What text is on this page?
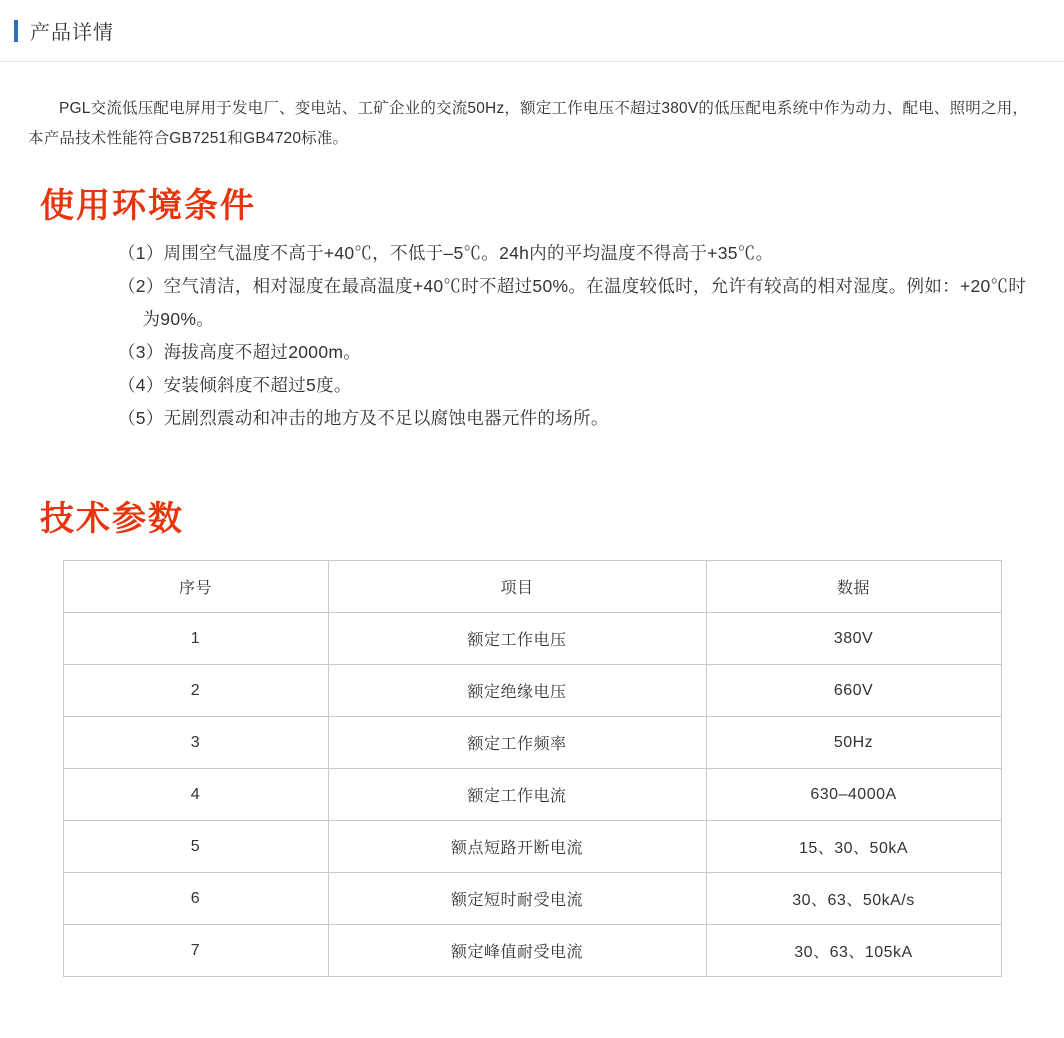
产品详情

PGL交流低压配电屏用于发电厂、变电站、工矿企业的交流50Hz，额定工作电压不超过380V的低压配电系统中作为动力、配电、照明之用，本产品技术性能符合GB7251和GB4720标准。

使用环境条件
（1）周围空气温度不高于+40℃，不低于–5℃。24h内的平均温度不得高于+35℃。
（2）空气清洁，相对湿度在最高温度+40℃时不超过50%。在温度较低时，允许有较高的相对湿度。例如：+20℃时为90%。
（3）海拔高度不超过2000m。
（4）安装倾斜度不超过5度。
（5）无剧烈震动和冲击的地方及不足以腐蚀电器元件的场所。
技术参数
序号	项目	数据
1	额定工作电压	380V
2	额定绝缘电压	660V
3	额定工作频率	50Hz
4	额定工作电流	630–4000A
5	额点短路开断电流	15、30、50kA
6	额定短时耐受电流	30、63、50kA/s
7	额定峰值耐受电流	30、63、105kA
